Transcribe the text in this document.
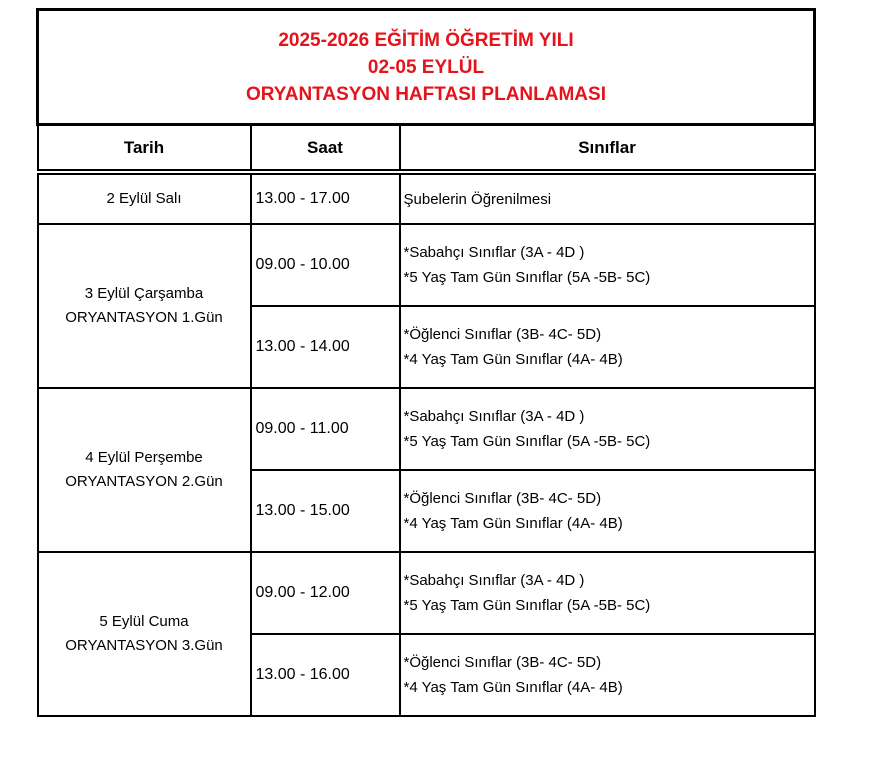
2025-2026 EĞİTİM ÖĞRETİM YILI
02-05 EYLÜL
ORYANTASYON HAFTASI PLANLAMASI		

Tarih	Saat	Sınıflar

2 Eylül Salı	13.00 - 17.00	Şubelerin Öğrenilmesi

3 Eylül Çarşamba
ORYANTASYON 1.Gün	09.00 - 10.00	*Sabahçı Sınıflar (3A - 4D )
*5 Yaş Tam Gün Sınıflar (5A -5B- 5C)

	13.00 - 14.00	*Öğlenci Sınıflar (3B- 4C- 5D)
*4 Yaş Tam Gün Sınıflar (4A- 4B)

4 Eylül Perşembe
ORYANTASYON 2.Gün	09.00 - 11.00	*Sabahçı Sınıflar (3A - 4D )
*5 Yaş Tam Gün Sınıflar (5A -5B- 5C)

	13.00 - 15.00	*Öğlenci Sınıflar (3B- 4C- 5D)
*4 Yaş Tam Gün Sınıflar (4A- 4B)

5 Eylül Cuma
ORYANTASYON 3.Gün	09.00 - 12.00	*Sabahçı Sınıflar (3A - 4D )
*5 Yaş Tam Gün Sınıflar (5A -5B- 5C)

	13.00 - 16.00	*Öğlenci Sınıflar (3B- 4C- 5D)
*4 Yaş Tam Gün Sınıflar (4A- 4B)
